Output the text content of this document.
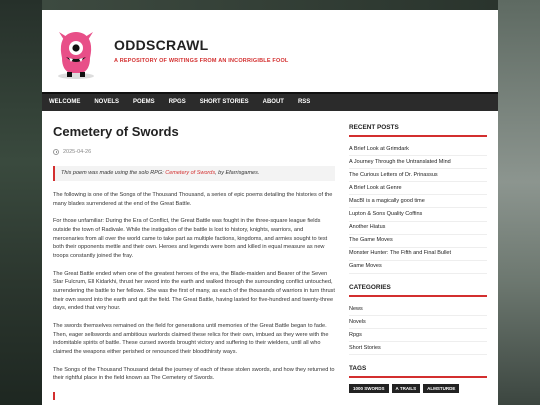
ODDSCRAWL
A REPOSITORY OF WRITINGS FROM AN INCORRIGIBLE FOOL
WELCOME	NOVELS	POEMS	RPGS	SHORT STORIES	ABOUT	RSS
Cemetery of Swords
2025-04-26
This poem was made using the solo RPG: Cemetery of Swords, by Efarrisgames.

The following is one of the Songs of the Thousand Thousand, a series of epic poems detailing the histories of the many blades surrendered at the end of the Great Battle.

For those unfamiliar: During the Era of Conflict, the Great Battle was fought in the three-square league fields outside the town of Radivale. While the instigation of the battle is lost to history, knights, warriors, and mercenaries from all over the world came to take part as multiple factions, kingdoms, and armies sought to test both their opponents mettle and their own. Heroes and legends were born and killed in equal measure as new troops constantly joined the fray.

The Great Battle ended when one of the greatest heroes of the era, the Blade-maiden and Bearer of the Seven Star Fulcrum, Ell Kidarkhi, thrust her sword into the earth and walked through the surrounding conflict untouched, surrendering the battle to her fellows. She was the first of many, as each of the thousands of warriors in turn thrust their own sword into the earth and quit the field. The Great Battle, having lasted for five-hundred and twenty-three days, ended that very hour.

The swords themselves remained on the field for generations until memories of the Great Battle began to fade. Then, eager sellswords and ambitious warlords claimed these relics for their own, imbued as they were with the indomitable spirits of battle. These cursed swords brought victory and suffering to their wielders, until all who claimed the weapons either perished or renounced their bloodthirsty ways.

The Songs of the Thousand Thousand detail the journey of each of these stolen swords, and how they returned to their rightful place in the field known as The Cemetery of Swords.

RECENT POSTS
A Brief Look at Grimdark
A Journey Through the Untranslated Mind
The Curious Letters of Dr. Prinassus
A Brief Look at Genre
MacBI is a magically good time
Lupton & Sons Quality Coffins
Another Hiatus
The Game Moves
Monster Hunter: The Fifth and Final Bullet
Game Moves
CATEGORIES
News
Novels
Rpgs
Short Stories
TAGS
1000 SWORDS	A TRAILS	ALMSTURDE
